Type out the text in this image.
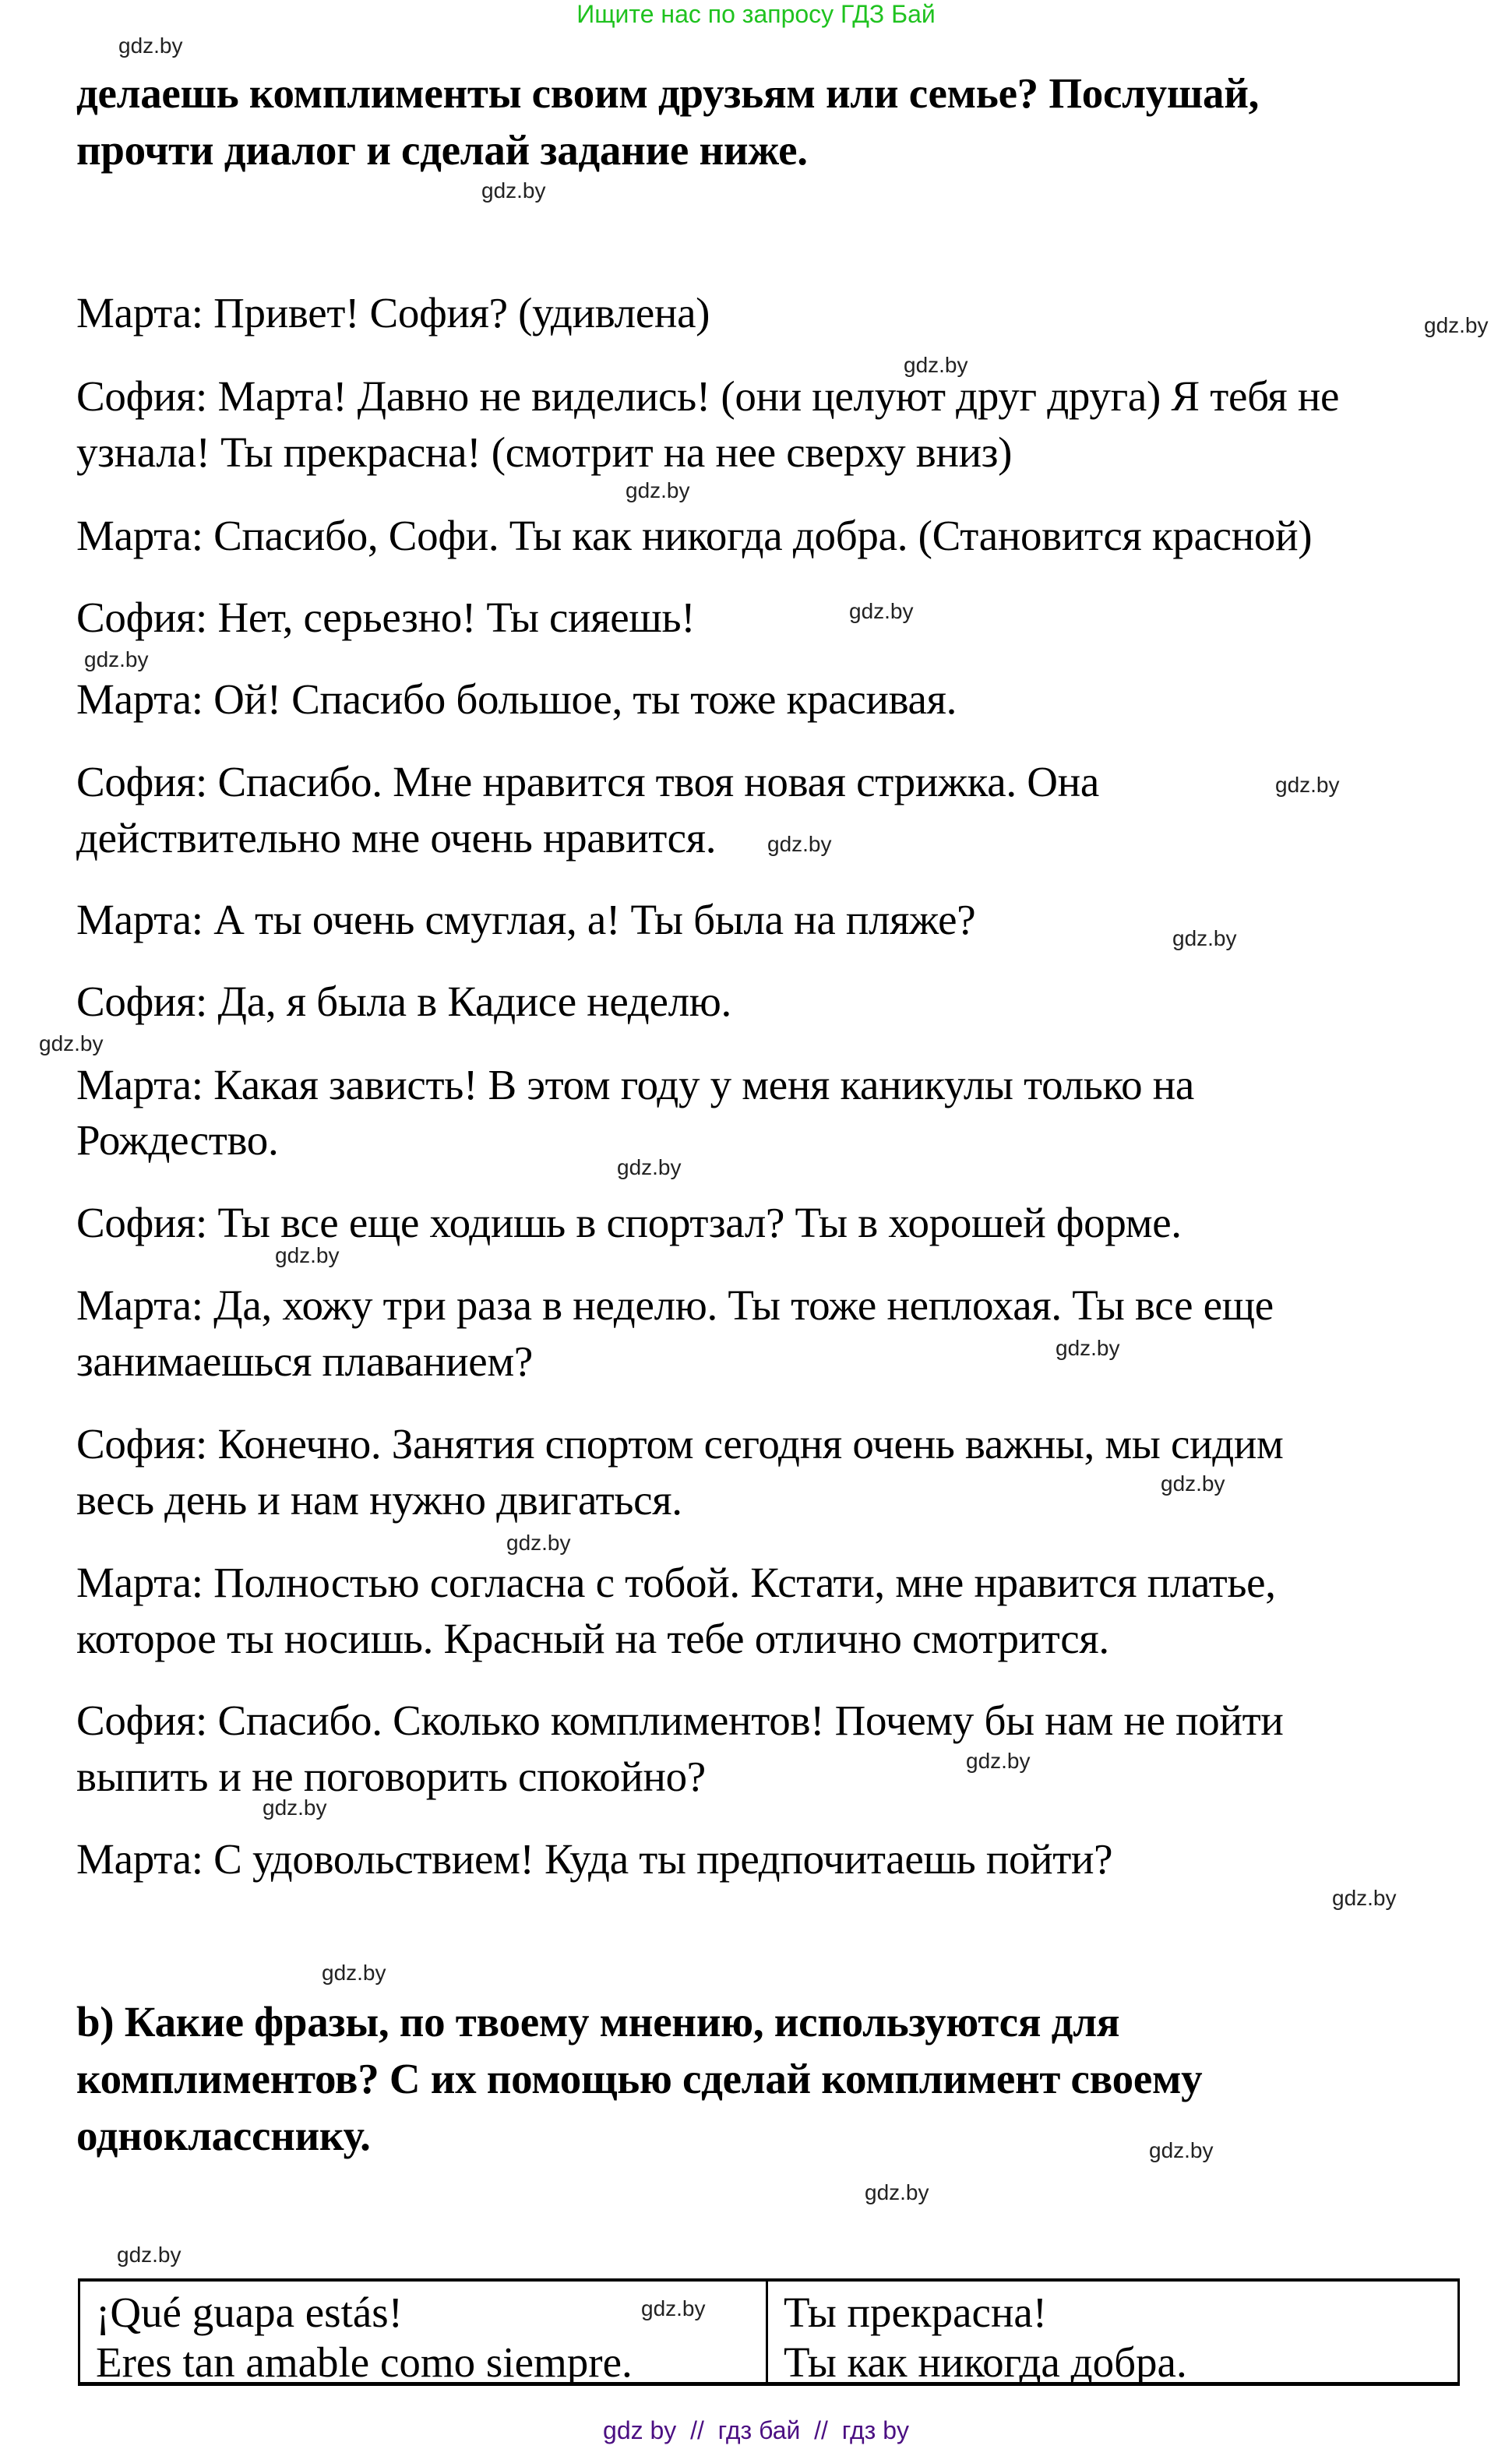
Ищите нас по запросу ГДЗ Бай
gdz.by
gdz.by
gdz.by
gdz.by
gdz.by
gdz.by
gdz.by
gdz.by
gdz.by
gdz.by
gdz.by
gdz.by
gdz.by
gdz.by
gdz.by
gdz.by
gdz.by
gdz.by
gdz.by
gdz.by
gdz.by
gdz.by
gdz.by
делаешь комплименты своим друзьям или семье? Послушай,
прочти диалог и сделай задание ниже.
Марта: Привет! София? (удивлена)
София: Марта! Давно не виделись! (они целуют друг друга) Я тебя не
узнала! Ты прекрасна! (смотрит на нее сверху вниз)
Марта: Спасибо, Софи. Ты как никогда добра. (Становится красной)
София: Нет, серьезно! Ты сияешь!
Марта: Ой! Спасибо большое, ты тоже красивая.
София: Спасибо. Мне нравится твоя новая стрижка. Она
действительно мне очень нравится.
Марта: А ты очень смуглая, а! Ты была на пляже?
София: Да, я была в Кадисе неделю.
Марта: Какая зависть! В этом году у меня каникулы только на
Рождество.
София: Ты все еще ходишь в спортзал? Ты в хорошей форме.
Марта: Да, хожу три раза в неделю. Ты тоже неплохая. Ты все еще
занимаешься плаванием?
София: Конечно. Занятия спортом сегодня очень важны, мы сидим
весь день и нам нужно двигаться.
Марта: Полностью согласна с тобой. Кстати, мне нравится платье,
которое ты носишь. Красный на тебе отлично смотрится.
София: Спасибо. Сколько комплиментов! Почему бы нам не пойти
выпить и не поговорить спокойно?
Марта: С удовольствием! Куда ты предпочитаешь пойти?
b) Какие фразы, по твоему мнению, используются для
комплиментов? С их помощью сделай комплимент своему
однокласснику.
¡Qué guapa estás!
Eres tan amable como siempre.
gdz.by Ты прекрасна!
Ты как никогда добра.
gdz by  //  гдз бай  //  гдз by
